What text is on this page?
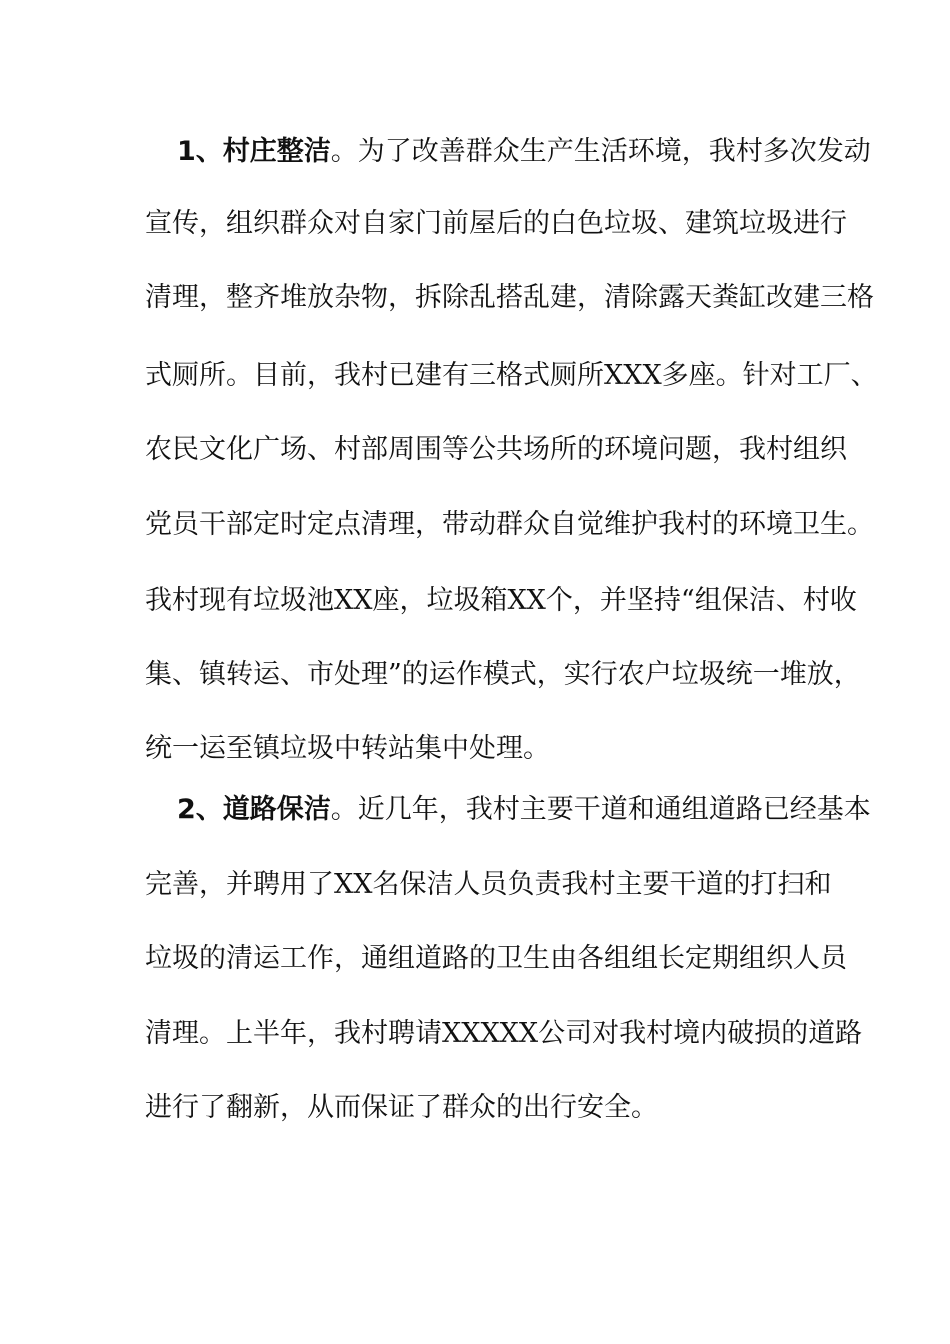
1、村庄整洁。为了改善群众生产生活环境，我村多次发动
宣传，组织群众对自家门前屋后的白色垃圾、建筑垃圾进行
清理，整齐堆放杂物，拆除乱搭乱建，清除露天粪缸改建三格
式厕所。目前，我村已建有三格式厕所XXX多座。针对工厂、
农民文化广场、村部周围等公共场所的环境问题，我村组织
党员干部定时定点清理，带动群众自觉维护我村的环境卫生。
我村现有垃圾池XX座，垃圾箱XX个，并坚持“组保洁、村收
集、镇转运、市处理”的运作模式，实行农户垃圾统一堆放，
统一运至镇垃圾中转站集中处理。
2、道路保洁。近几年，我村主要干道和通组道路已经基本
完善，并聘用了XX名保洁人员负责我村主要干道的打扫和
垃圾的清运工作，通组道路的卫生由各组组长定期组织人员
清理。上半年，我村聘请XXXXX公司对我村境内破损的道路
进行了翻新，从而保证了群众的出行安全。
